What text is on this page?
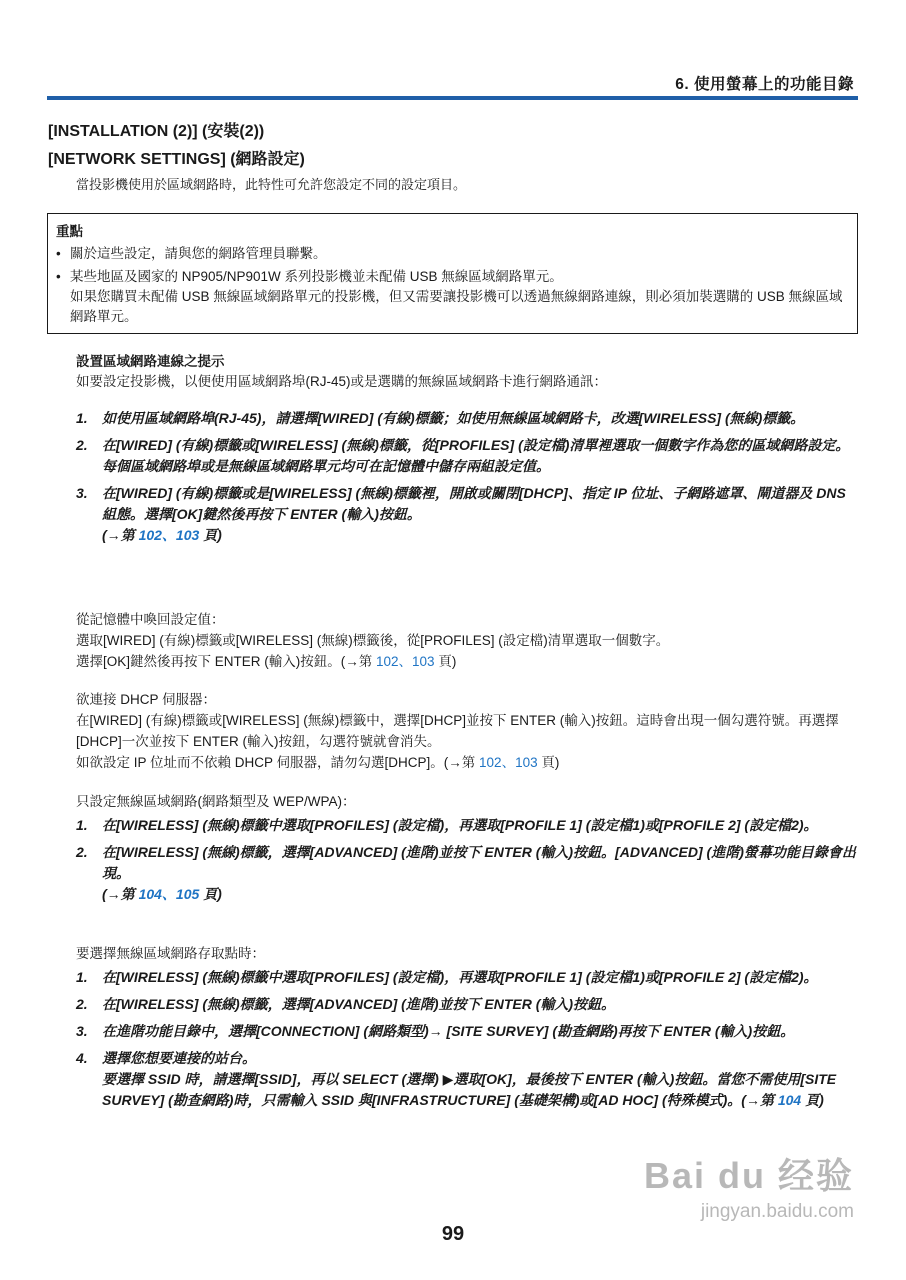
6. 使用螢幕上的功能目錄
[INSTALLATION (2)] (安裝(2))
[NETWORK SETTINGS] (網路設定)
當投影機使用於區域網路時，此特性可允許您設定不同的設定項目。
重點
• 關於這些設定，請與您的網路管理員聯繫。
• 某些地區及國家的 NP905/NP901W 系列投影機並未配備 USB 無線區域網路單元。
如果您購買未配備 USB 無線區域網路單元的投影機，但又需要讓投影機可以透過無線網路連線，則必須加裝選購的 USB 無線區域網路單元。
設置區域網路連線之提示
如要設定投影機，以便使用區域網路埠(RJ-45)或是選購的無線區域網路卡進行網路通訊：
1.	如使用區域網路埠(RJ-45)，請選擇[WIRED] (有線)標籤；如使用無線區域網路卡，改選[WIRELESS] (無線)標籤。
2.	在[WIRED] (有線)標籤或[WIRELESS] (無線)標籤，從[PROFILES] (設定檔)清單裡選取一個數字作為您的區域網路設定。
每個區域網路埠或是無線區域網路單元均可在記憶體中儲存兩組設定值。
3.	在[WIRED] (有線)標籤或是[WIRELESS] (無線)標籤裡，開啟或關閉[DHCP]、指定 IP 位址、子網路遮罩、閘道器及 DNS 組態。選擇[OK]鍵然後再按下 ENTER (輸入)按鈕。
(→第 102、103 頁)
從記憶體中喚回設定值：
選取[WIRED] (有線)標籤或[WIRELESS] (無線)標籤後，從[PROFILES] (設定檔)清單選取一個數字。
選擇[OK]鍵然後再按下 ENTER (輸入)按鈕。(→第 102、103 頁)
欲連接 DHCP 伺服器：
在[WIRED] (有線)標籤或[WIRELESS] (無線)標籤中，選擇[DHCP]並按下 ENTER (輸入)按鈕。這時會出現一個勾選符號。再選擇[DHCP]一次並按下 ENTER (輸入)按鈕，勾選符號就會消失。
如欲設定 IP 位址而不依賴 DHCP 伺服器，請勿勾選[DHCP]。(→第 102、103 頁)
只設定無線區域網路(網路類型及 WEP/WPA)：
1.	在[WIRELESS] (無線)標籤中選取[PROFILES] (設定檔)，再選取[PROFILE 1] (設定檔1)或[PROFILE 2] (設定檔2)。
2.	在[WIRELESS] (無線)標籤，選擇[ADVANCED] (進階)並按下 ENTER (輸入)按鈕。[ADVANCED] (進階)螢幕功能目錄會出現。
(→第 104、105 頁)
要選擇無線區域網路存取點時：
1.	在[WIRELESS] (無線)標籤中選取[PROFILES] (設定檔)，再選取[PROFILE 1] (設定檔1)或[PROFILE 2] (設定檔2)。
2.	在[WIRELESS] (無線)標籤，選擇[ADVANCED] (進階)並按下 ENTER (輸入)按鈕。
3.	在進階功能目錄中，選擇[CONNECTION] (網路類型)→ [SITE SURVEY] (勘查網路)再按下 ENTER (輸入)按鈕。
4.	選擇您想要連接的站台。
要選擇 SSID 時，請選擇[SSID]，再以 SELECT (選擇) ▶選取[OK]，最後按下 ENTER (輸入)按鈕。當您不需使用[SITE SURVEY] (勘查網路)時，只需輸入 SSID 與[INFRASTRUCTURE] (基礎架構)或[AD HOC] (特殊模式)。(→第 104 頁)
Bai du 经验
jingyan.baidu.com
99
